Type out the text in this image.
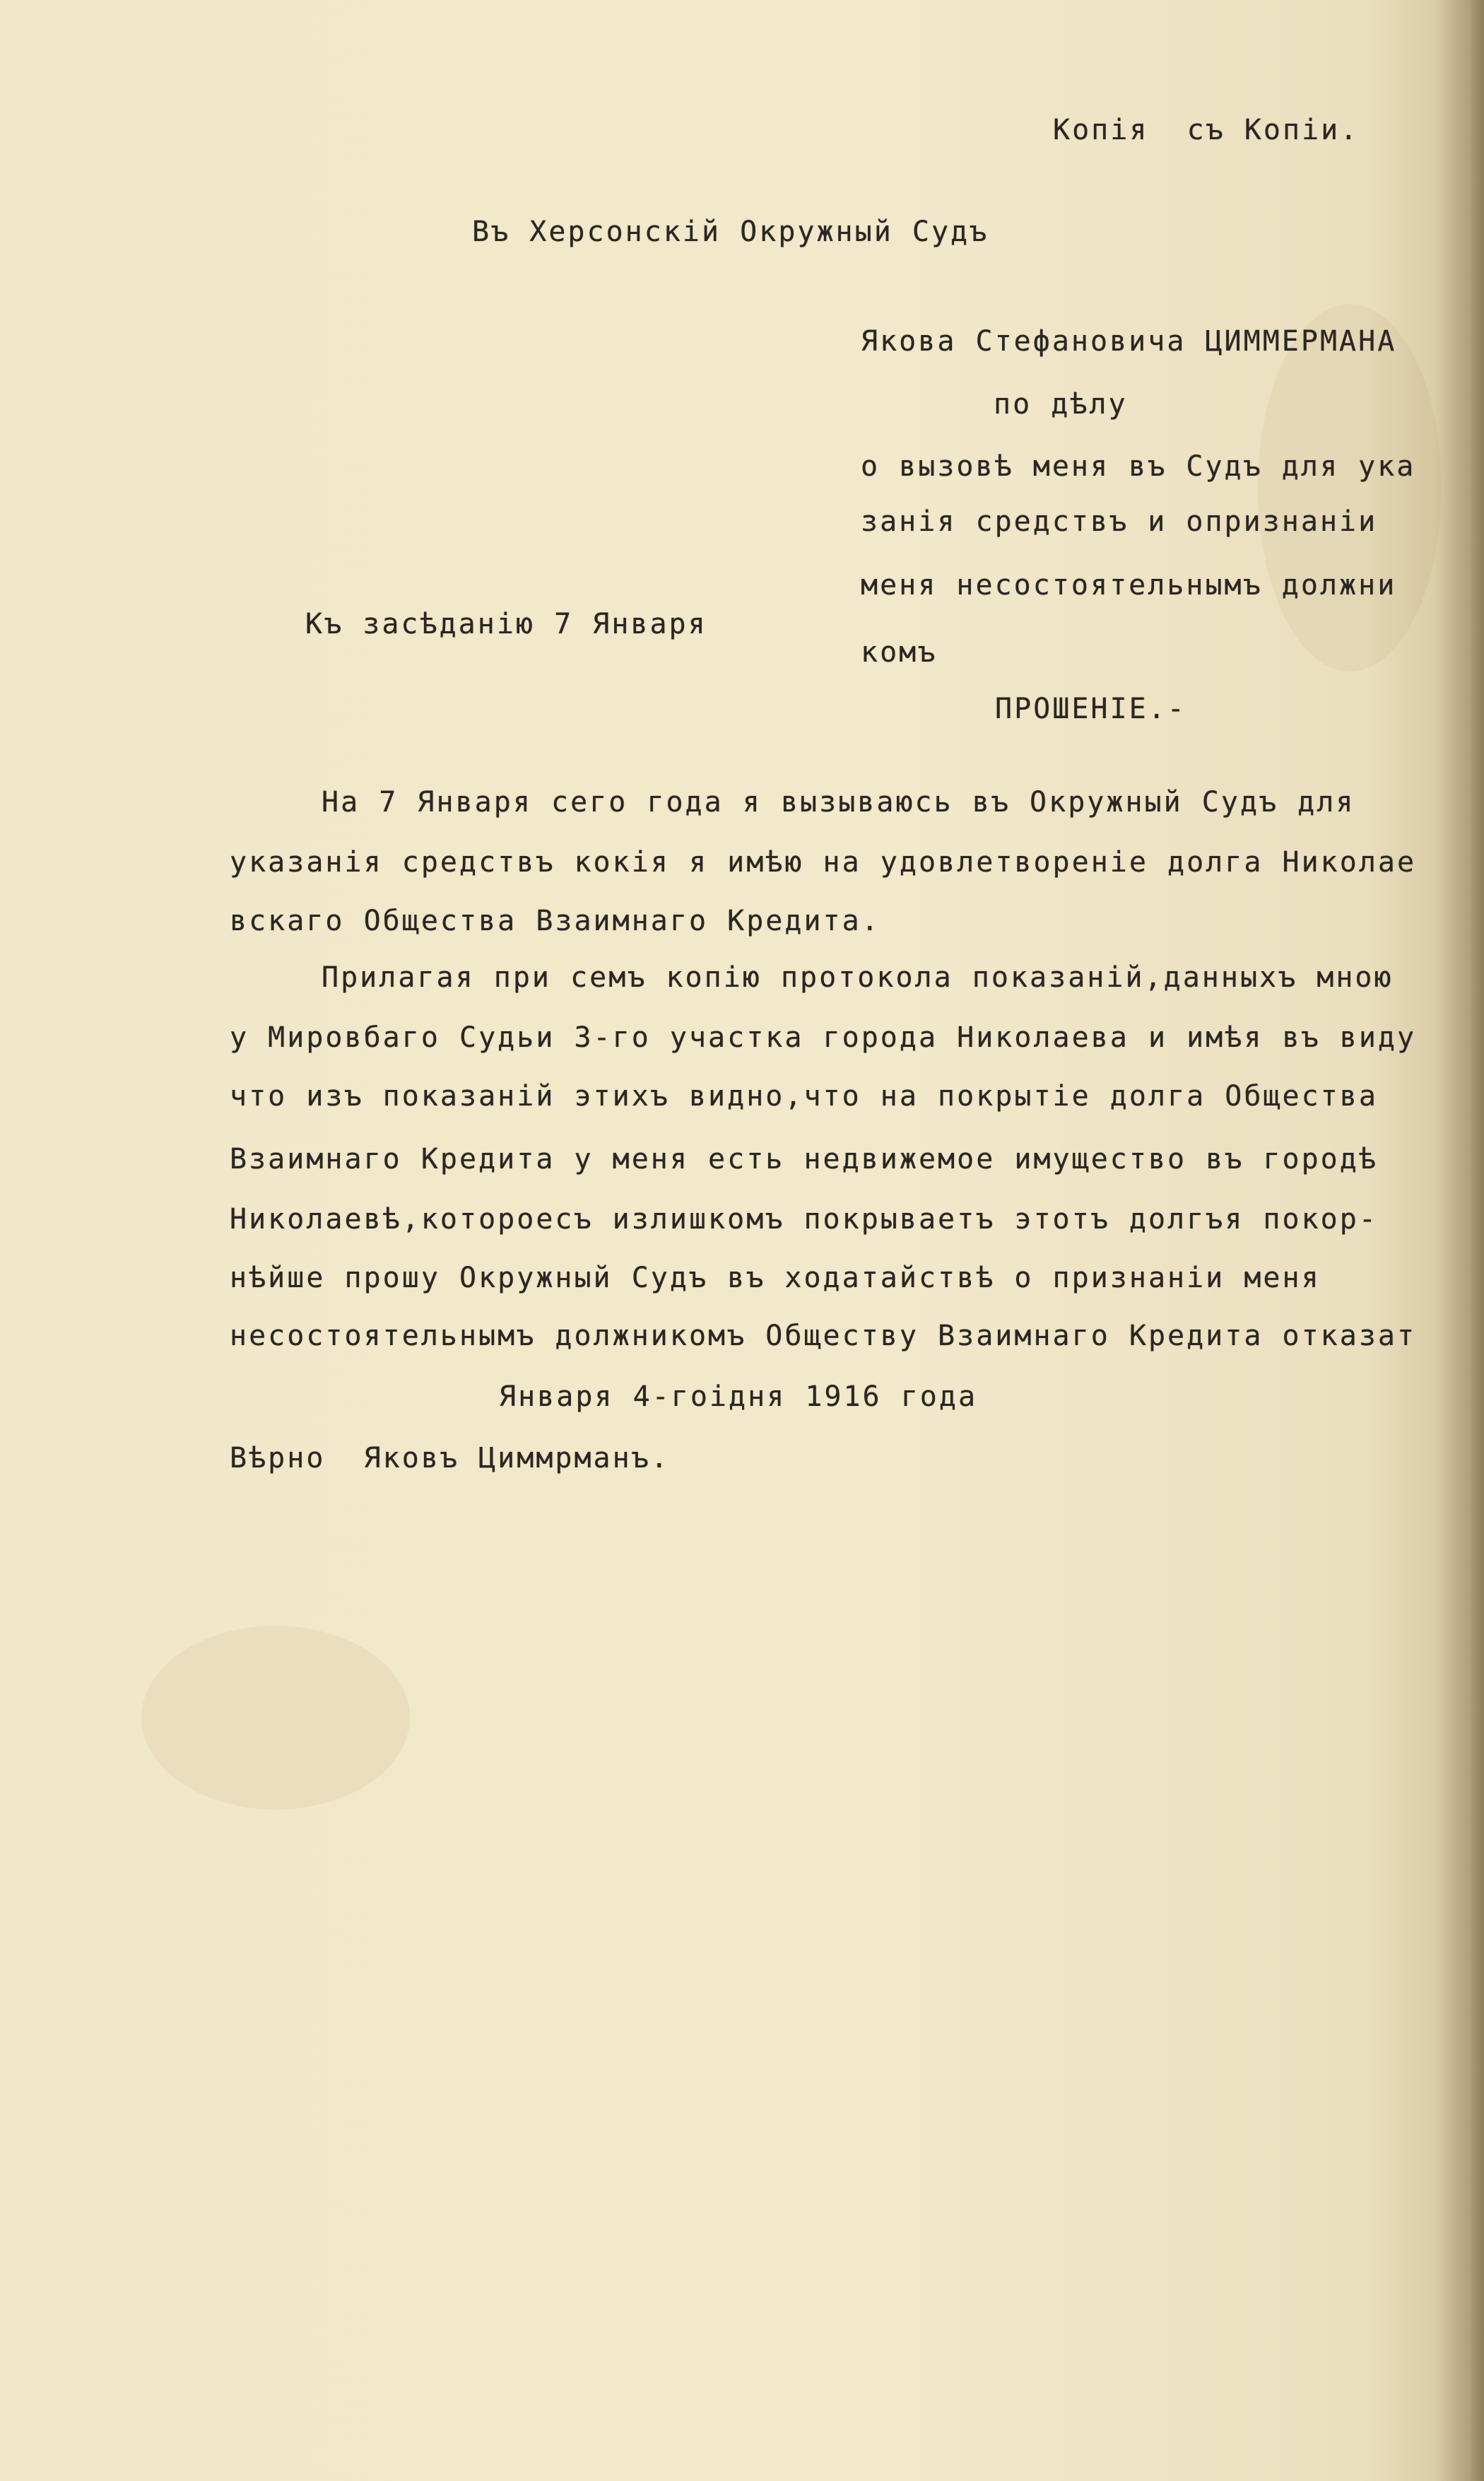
Копія  съ Копіи.
Въ Херсонскій Окружный Судъ
Якова Стефановича ЦИММЕРМАНА
по дѣлу
о вызовѣ меня въ Судъ для ука
занія средствъ и опризнаніи
меня несостоятельнымъ должни
комъ
Къ засѣданію 7 Января
ПРОШЕНІЕ.-
На 7 Января сего года я вызываюсь въ Окружный Судъ для
указанія средствъ кокія я имѣю на удовлетвореніе долга Николае
вскаго Общества Взаимнаго Кредита.
Прилагая при семъ копію протокола показаній,данныхъ мною
у Мировбаго Судьи 3-го участка города Николаева и имѣя въ виду
что изъ показаній этихъ видно,что на покрытіе долга Общества
Взаимнаго Кредита у меня есть недвижемое имущество въ городѣ
Николаевѣ,котороесъ излишкомъ покрываетъ этотъ долгъя покор-
нѣйше прошу Окружный Судъ въ ходатайствѣ о признаніи меня
несостоятельнымъ должникомъ Обществу Взаимнаго Кредита отказат
Января 4-гоідня 1916 года
Вѣрно  Яковъ Циммрманъ.
